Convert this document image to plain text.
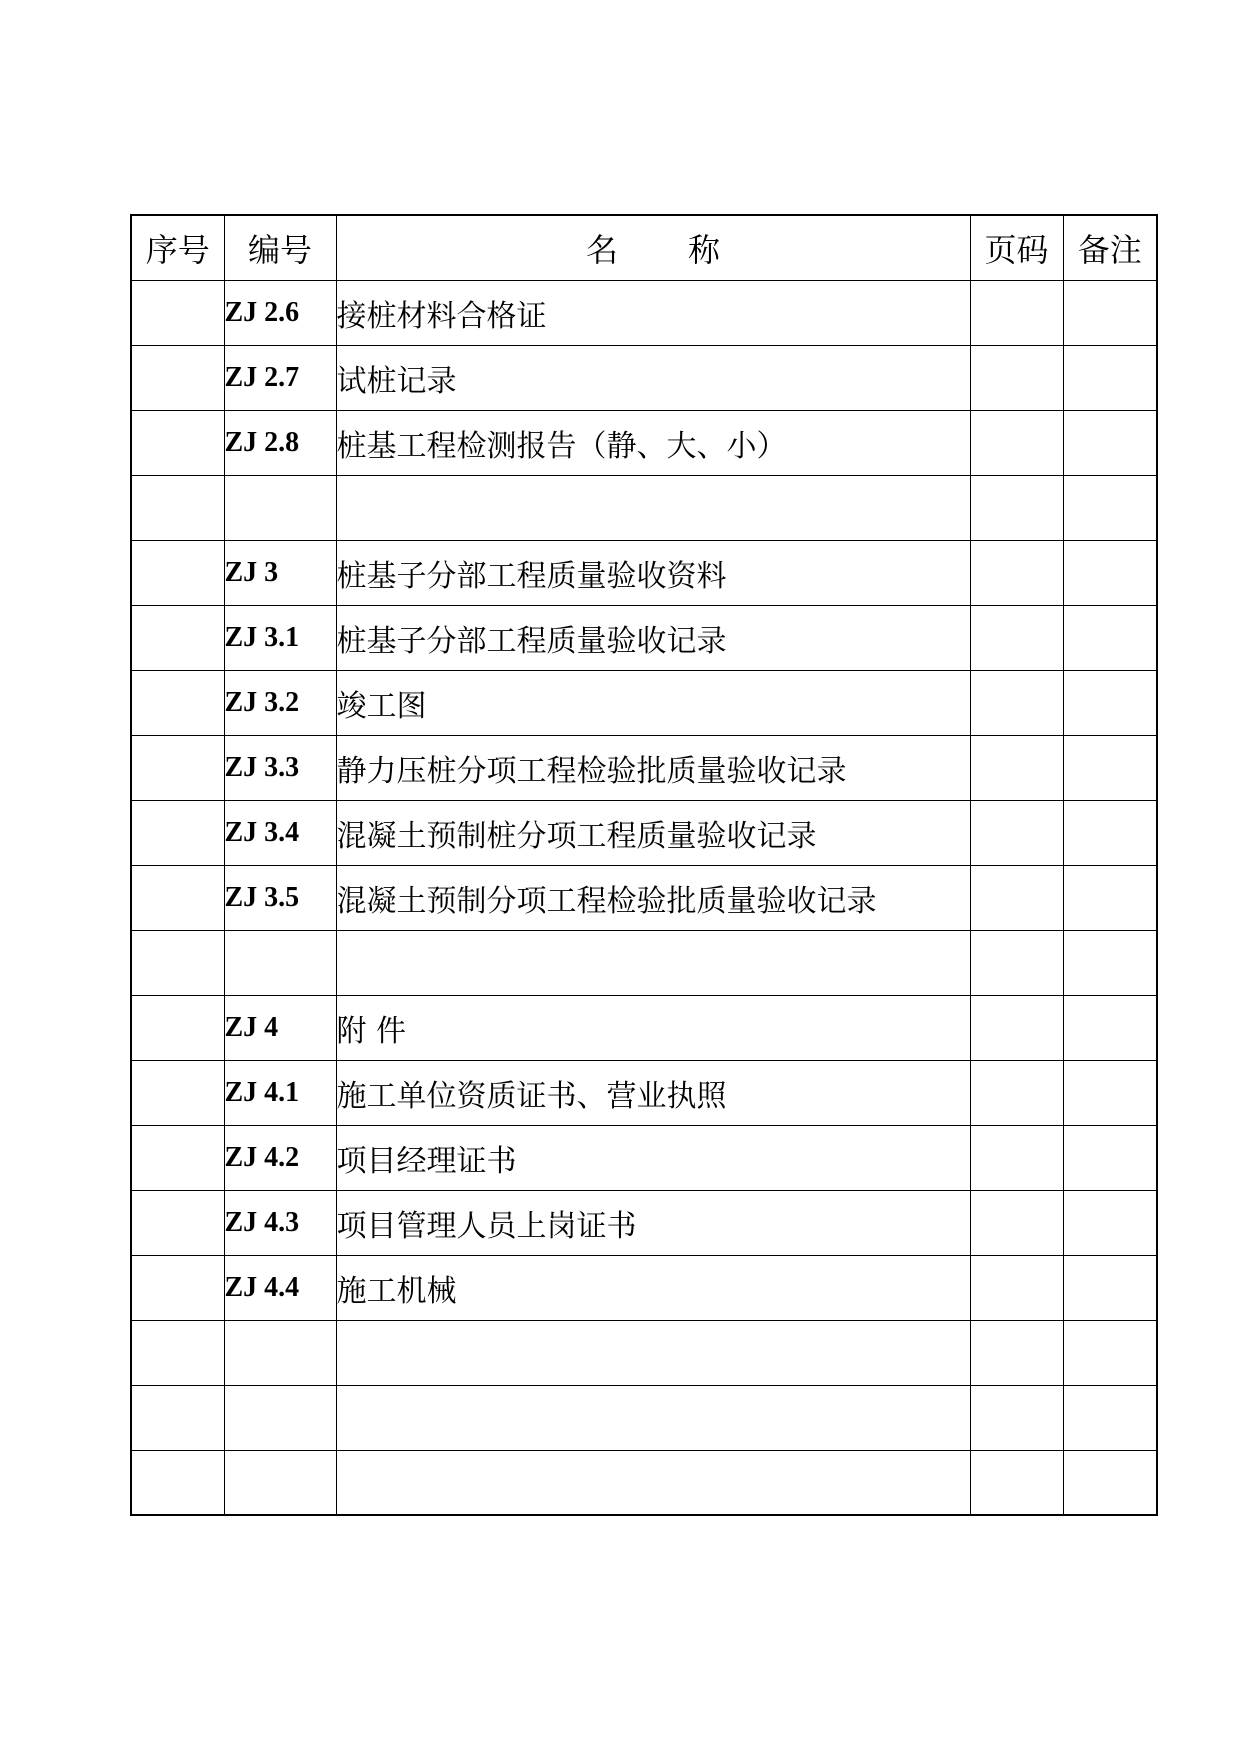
序号	编号	名 称	页码	备注
	ZJ 2.6	接桩材料合格证		
	ZJ 2.7	试桩记录		
	ZJ 2.8	桩基工程检测报告（静、大、小）		

	ZJ 3	桩基子分部工程质量验收资料		
	ZJ 3.1	桩基子分部工程质量验收记录		
	ZJ 3.2	竣工图		
	ZJ 3.3	静力压桩分项工程检验批质量验收记录		
	ZJ 3.4	混凝土预制桩分项工程质量验收记录		
	ZJ 3.5	混凝土预制分项工程检验批质量验收记录		

	ZJ 4	附 件		
	ZJ 4.1	施工单位资质证书、营业执照		
	ZJ 4.2	项目经理证书		
	ZJ 4.3	项目管理人员上岗证书		
	ZJ 4.4	施工机械		
